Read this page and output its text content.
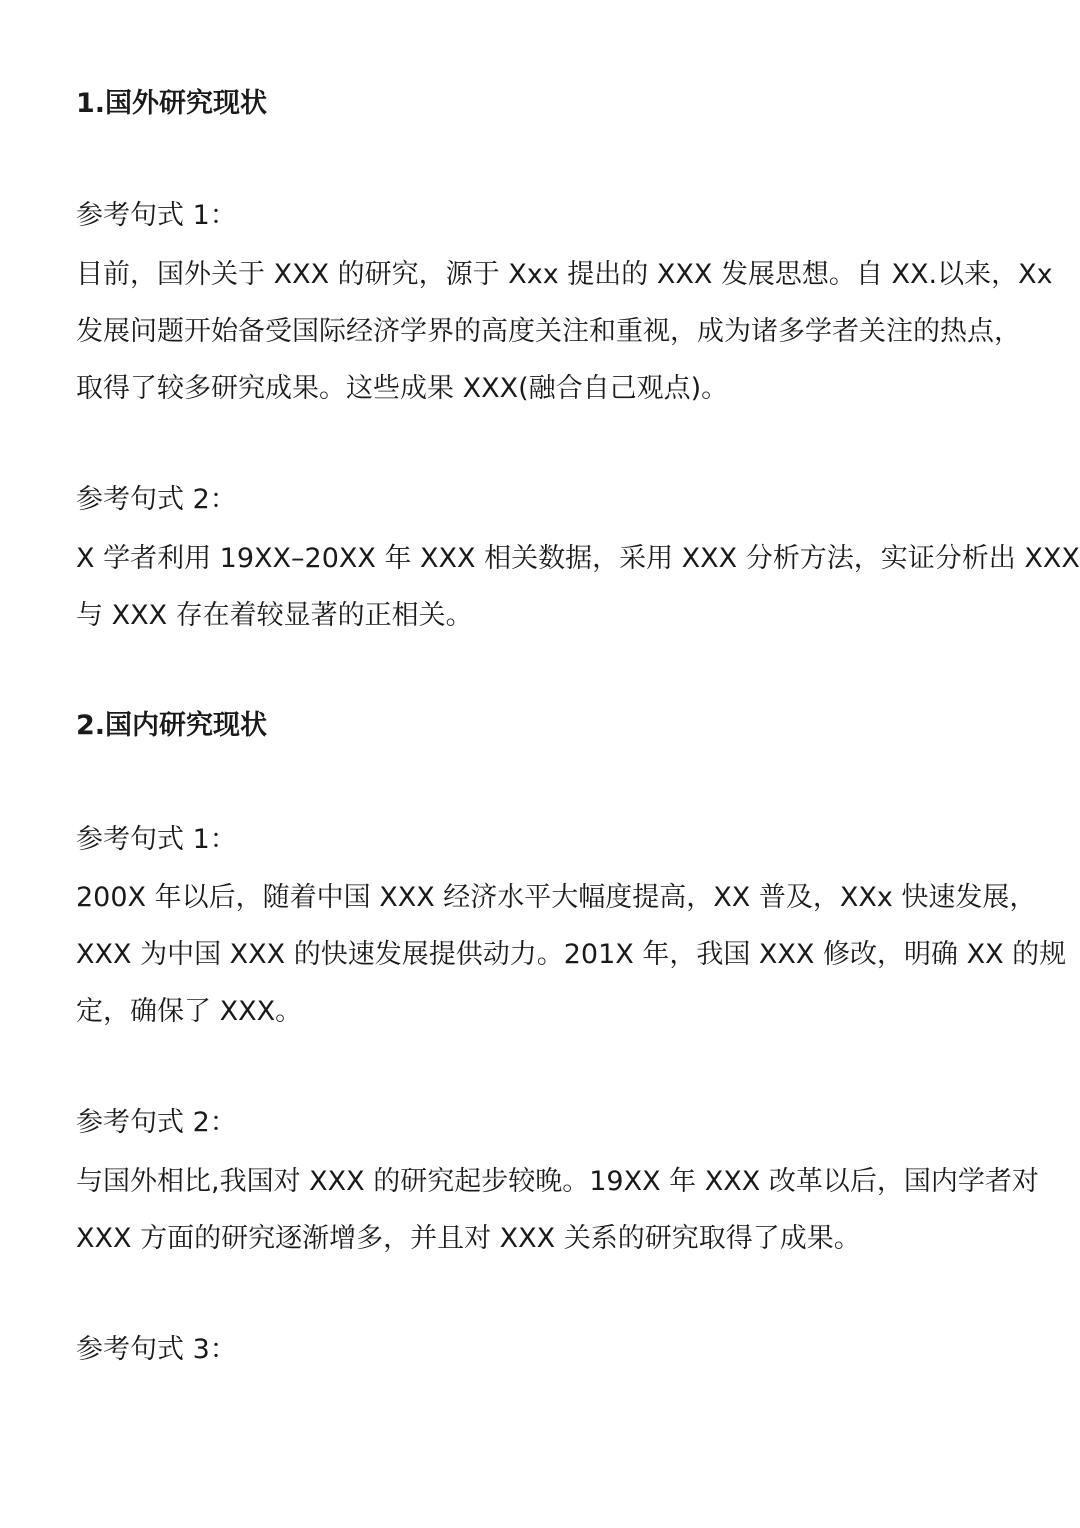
1.国外研究现状

参考句式 1：

目前，国外关于 XXX 的研究，源于 Xxx 提出的 XXX 发展思想。自 XX.以来，Xx
发展问题开始备受国际经济学界的高度关注和重视，成为诸多学者关注的热点，
取得了较多研究成果。这些成果 XXX(融合自己观点)。

参考句式 2：

X 学者利用 19XX–20XX 年 XXX 相关数据，采用 XXX 分析方法，实证分析出 XXX
与 XXX 存在着较显著的正相关。
2.国内研究现状

参考句式 1：

200X 年以后，随着中国 XXX 经济水平大幅度提高，XX 普及，XXx 快速发展，
XXX 为中国 XXX 的快速发展提供动力。201X 年，我国 XXX 修改，明确 XX 的规
定，确保了 XXX。

参考句式 2：

与国外相比,我国对 XXX 的研究起步较晚。19XX 年 XXX 改革以后，国内学者对
XXX 方面的研究逐渐增多，并且对 XXX 关系的研究取得了成果。

参考句式 3：
